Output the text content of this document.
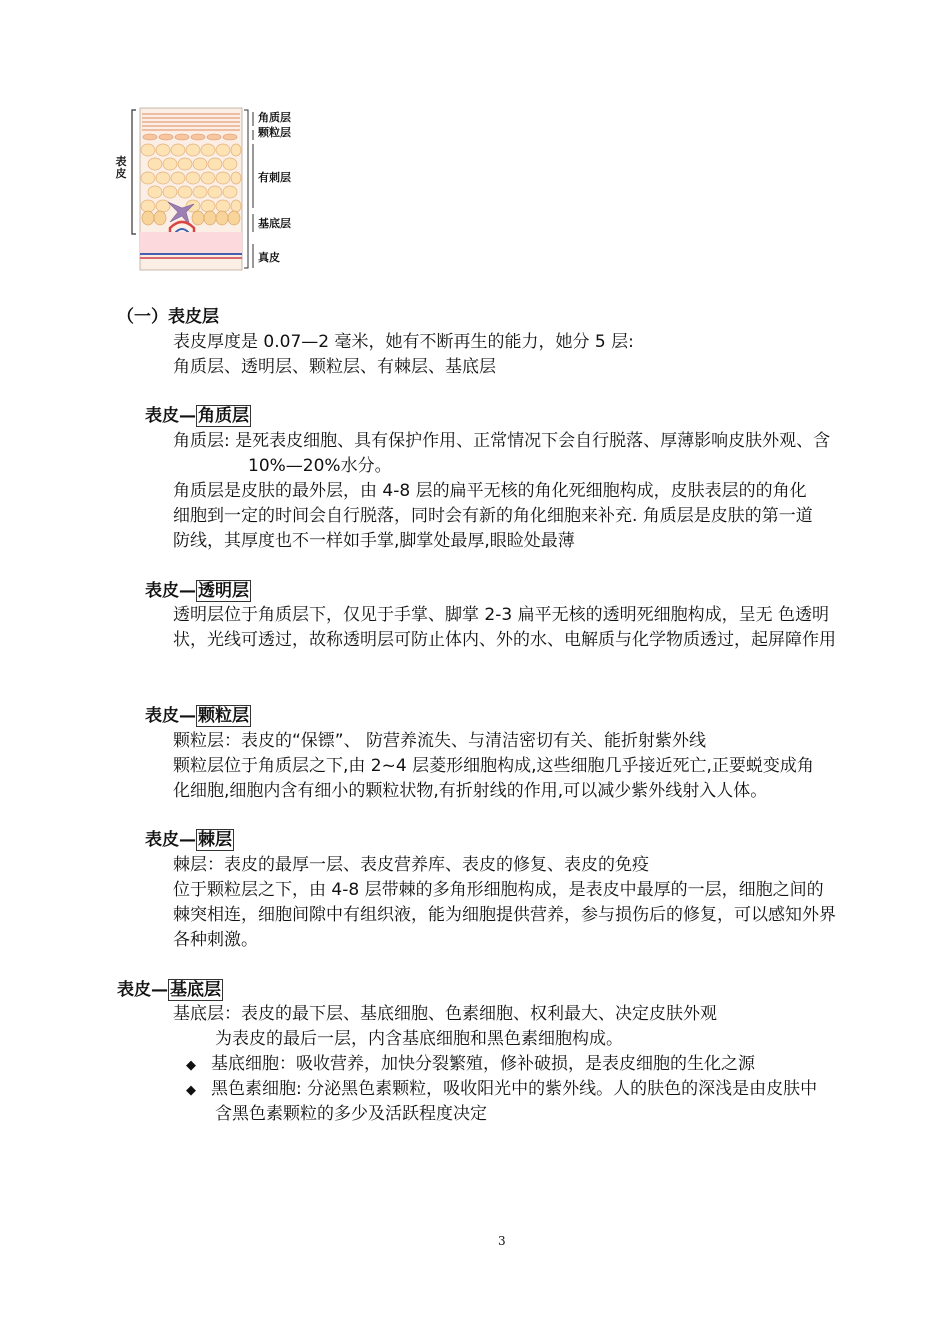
表皮
角质层
颗粒层
有刺层
基底层
真皮
（一）表皮层
表皮厚度是 0.07—2 毫米，她有不断再生的能力，她分 5 层:
角质层、透明层、颗粒层、有棘层、基底层
表皮— 角质层
角质层: 是死表皮细胞、具有保护作用、正常情况下会自行脱落、厚薄影响皮肤外观、含
10%—20%水分。
角质层是皮肤的最外层，由 4-8 层的扁平无核的角化死细胞构成，皮肤表层的的角化
细胞到一定的时间会自行脱落，同时会有新的角化细胞来补充. 角质层是皮肤的第一道
防线，其厚度也不一样如手掌,脚掌处最厚,眼睑处最薄
表皮— 透明层
透明层位于角质层下，仅见于手掌、脚掌 2-3 扁平无核的透明死细胞构成，呈无 色透明
状，光线可透过，故称透明层可防止体内、外的水、电解质与化学物质透过，起屏障作用
表皮— 颗粒层
颗粒层：表皮的“保镖”、 防营养流失、与清洁密切有关、能折射紫外线
颗粒层位于角质层之下,由 2~4 层菱形细胞构成,这些细胞几乎接近死亡,正要蜕变成角
化细胞,细胞内含有细小的颗粒状物,有折射线的作用,可以减少紫外线射入人体。
表皮— 棘层
棘层：表皮的最厚一层、表皮营养库、表皮的修复、表皮的免疫
位于颗粒层之下，由 4-8 层带棘的多角形细胞构成，是表皮中最厚的一层，细胞之间的
棘突相连，细胞间隙中有组织液，能为细胞提供营养，参与损伤后的修复，可以感知外界
各种刺激。
表皮— 基底层
基底层：表皮的最下层、基底细胞、色素细胞、权利最大、决定皮肤外观
为表皮的最后一层，内含基底细胞和黑色素细胞构成。
◆ 基底细胞：吸收营养，加快分裂繁殖，修补破损，是表皮细胞的生化之源
◆ 黑色素细胞: 分泌黑色素颗粒，吸收阳光中的紫外线。人的肤色的深浅是由皮肤中
含黑色素颗粒的多少及活跃程度决定
3
